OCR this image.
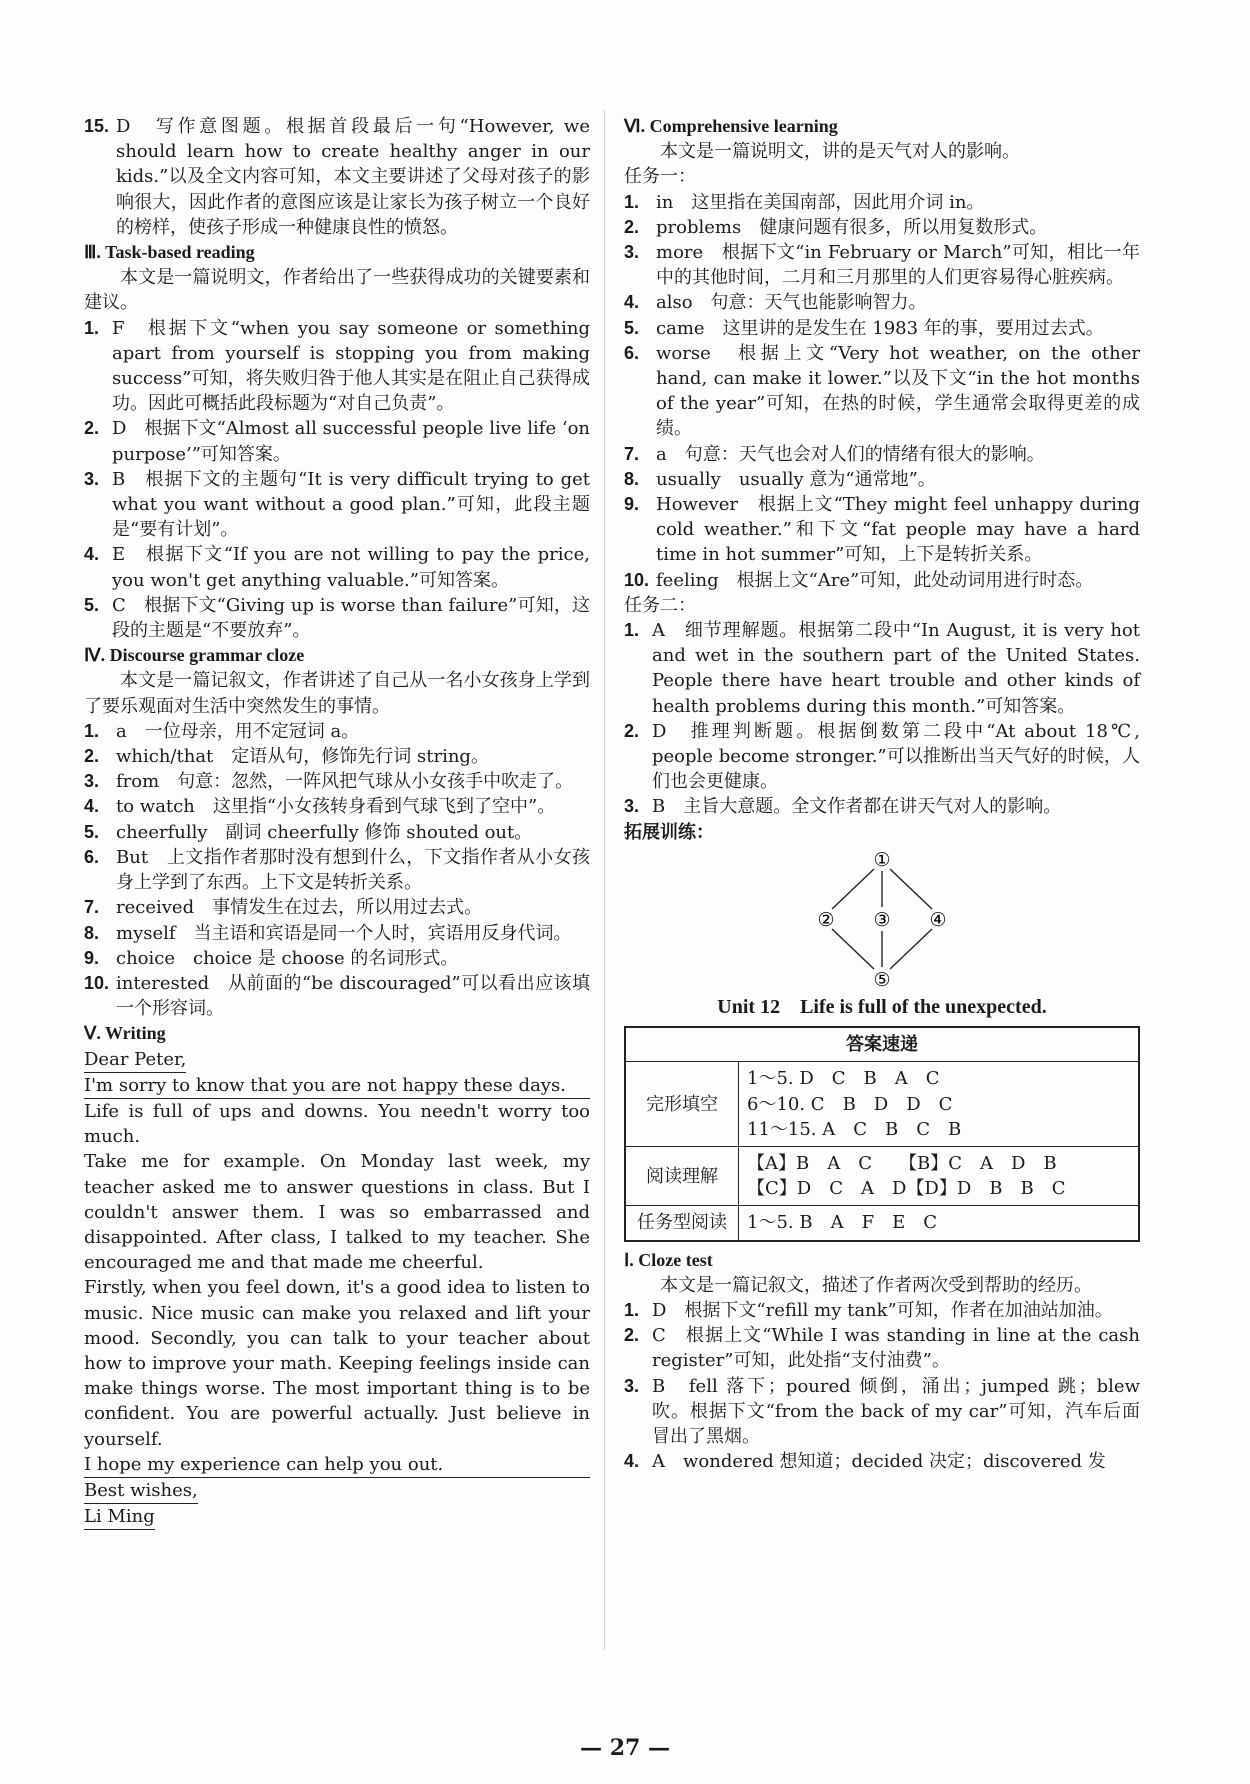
15. D　写作意图题。根据首段最后一句“However, we should learn how to create healthy anger in our kids.”以及全文内容可知，本文主要讲述了父母对孩子的影响很大，因此作者的意图应该是让家长为孩子树立一个良好的榜样，使孩子形成一种健康良性的愤怒。

Ⅲ. Task-based reading

本文是一篇说明文，作者给出了一些获得成功的关键要素和建议。

1. F　根据下文“when you say someone or something apart from yourself is stopping you from making success”可知，将失败归咎于他人其实是在阻止自己获得成功。因此可概括此段标题为“对自己负责”。
2. D　根据下文“Almost all successful people live life ‘on purpose’”可知答案。
3. B　根据下文的主题句“It is very difficult trying to get what you want without a good plan.”可知，此段主题是“要有计划”。
4. E　根据下文“If you are not willing to pay the price, you won't get anything valuable.”可知答案。
5. C　根据下文“Giving up is worse than failure”可知，这段的主题是“不要放弃”。

Ⅳ. Discourse grammar cloze

本文是一篇记叙文，作者讲述了自己从一名小女孩身上学到了要乐观面对生活中突然发生的事情。

1. a　一位母亲，用不定冠词 a。
2. which/that　定语从句，修饰先行词 string。
3. from　句意：忽然，一阵风把气球从小女孩手中吹走了。
4. to watch　这里指“小女孩转身看到气球飞到了空中”。
5. cheerfully　副词 cheerfully 修饰 shouted out。
6. But　上文指作者那时没有想到什么，下文指作者从小女孩身上学到了东西。上下文是转折关系。
7. received　事情发生在过去，所以用过去式。
8. myself　当主语和宾语是同一个人时，宾语用反身代词。
9. choice　choice 是 choose 的名词形式。
10. interested　从前面的“be discouraged”可以看出应该填一个形容词。

Ⅴ. Writing

Dear Peter,
I'm sorry to know that you are not happy these days.

Life is full of ups and downs. You needn't worry too much.

Take me for example. On Monday last week, my teacher asked me to answer questions in class. But I couldn't answer them. I was so embarrassed and disappointed. After class, I talked to my teacher. She encouraged me and that made me cheerful.

Firstly, when you feel down, it's a good idea to listen to music. Nice music can make you relaxed and lift your mood. Secondly, you can talk to your teacher about how to improve your math. Keeping feelings inside can make things worse. The most important thing is to be confident. You are powerful actually. Just believe in yourself.

I hope my experience can help you out.
Best wishes,
Li Ming

Ⅵ. Comprehensive learning

本文是一篇说明文，讲的是天气对人的影响。

任务一：

1. in　这里指在美国南部，因此用介词 in。
2. problems　健康问题有很多，所以用复数形式。
3. more　根据下文“in February or March”可知，相比一年中的其他时间，二月和三月那里的人们更容易得心脏疾病。
4. also　句意：天气也能影响智力。
5. came　这里讲的是发生在 1983 年的事，要用过去式。
6. worse　根据上文“Very hot weather, on the other hand, can make it lower.”以及下文“in the hot months of the year”可知，在热的时候，学生通常会取得更差的成绩。
7. a　句意：天气也会对人们的情绪有很大的影响。
8. usually　usually 意为“通常地”。
9. However　根据上文“They might feel unhappy during cold weather.”和下文“fat people may have a hard time in hot summer”可知，上下是转折关系。
10. feeling　根据上文“Are”可知，此处动词用进行时态。

任务二：

1. A　细节理解题。根据第二段中“In August, it is very hot and wet in the southern part of the United States. People there have heart trouble and other kinds of health problems during this month.”可知答案。
2. D　推理判断题。根据倒数第二段中“At about 18℃, people become stronger.”可以推断出当天气好的时候，人们也会更健康。
3. B　主旨大意题。全文作者都在讲天气对人的影响。

拓展训练：

①
② ③ ④
⑤

Unit 12　Life is full of the unexpected.

答案速递	
完形填空	1～5. D　C　B　A　C
6～10. C　B　D　D　C
11～15. A　C　B　C　B

阅读理解	【A】B　A　C　　【B】C　A　D　B
【C】D　C　A　D【D】D　B　B　C

任务型阅读	1～5. B　A　F　E　C

Ⅰ. Cloze test

本文是一篇记叙文，描述了作者两次受到帮助的经历。

1. D　根据下文“refill my tank”可知，作者在加油站加油。
2. C　根据上文“While I was standing in line at the cash register”可知，此处指“支付油费”。
3. B　fell 落下；poured 倾倒，涌出；jumped 跳；blew 吹。根据下文“from the back of my car”可知，汽车后面冒出了黑烟。
4. A　wondered 想知道；decided 决定；discovered 发
— 27 —
